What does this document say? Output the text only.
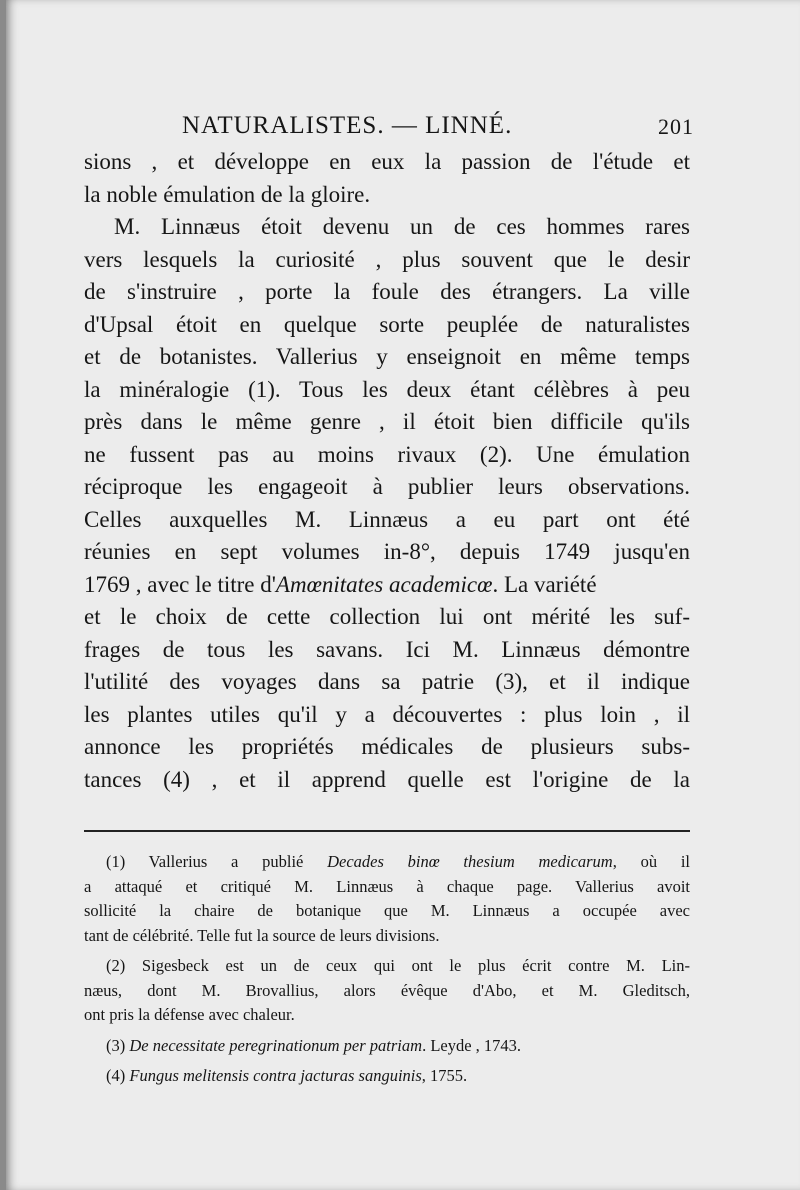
NATURALISTES. — LINNÉ.	201

sions , et développe en eux la passion de l'étude et
la noble émulation de la gloire.

M. Linnæus étoit devenu un de ces hommes rares
vers lesquels la curiosité , plus souvent que le desir
de s'instruire , porte la foule des étrangers. La ville
d'Upsal étoit en quelque sorte peuplée de naturalistes
et de botanistes. Vallerius y enseignoit en même temps
la minéralogie (1). Tous les deux étant célèbres à peu
près dans le même genre , il étoit bien difficile qu'ils
ne fussent pas au moins rivaux (2). Une émulation
réciproque les engageoit à publier leurs observations.
Celles auxquelles M. Linnæus a eu part ont été
réunies en sept volumes in-8°, depuis 1749 jusqu'en
1769 , avec le titre d'Amœnitates academicœ. La variété
et le choix de cette collection lui ont mérité les suf-
frages de tous les savans. Ici M. Linnæus démontre
l'utilité des voyages dans sa patrie (3), et il indique
les plantes utiles qu'il y a découvertes : plus loin , il
annonce les propriétés médicales de plusieurs subs-
tances (4) , et il apprend quelle est l'origine de la

(1) Vallerius a publié Decades binœ thesium medicarum, où il
a attaqué et critiqué M. Linnæus à chaque page. Vallerius avoit
sollicité la chaire de botanique que M. Linnæus a occupée avec
tant de célébrité. Telle fut la source de leurs divisions.
(2) Sigesbeck est un de ceux qui ont le plus écrit contre M. Lin-
næus, dont M. Brovallius, alors évêque d'Abo, et M. Gleditsch,
ont pris la défense avec chaleur.
(3) De necessitate peregrinationum per patriam. Leyde , 1743.
(4) Fungus melitensis contra jacturas sanguinis, 1755.
